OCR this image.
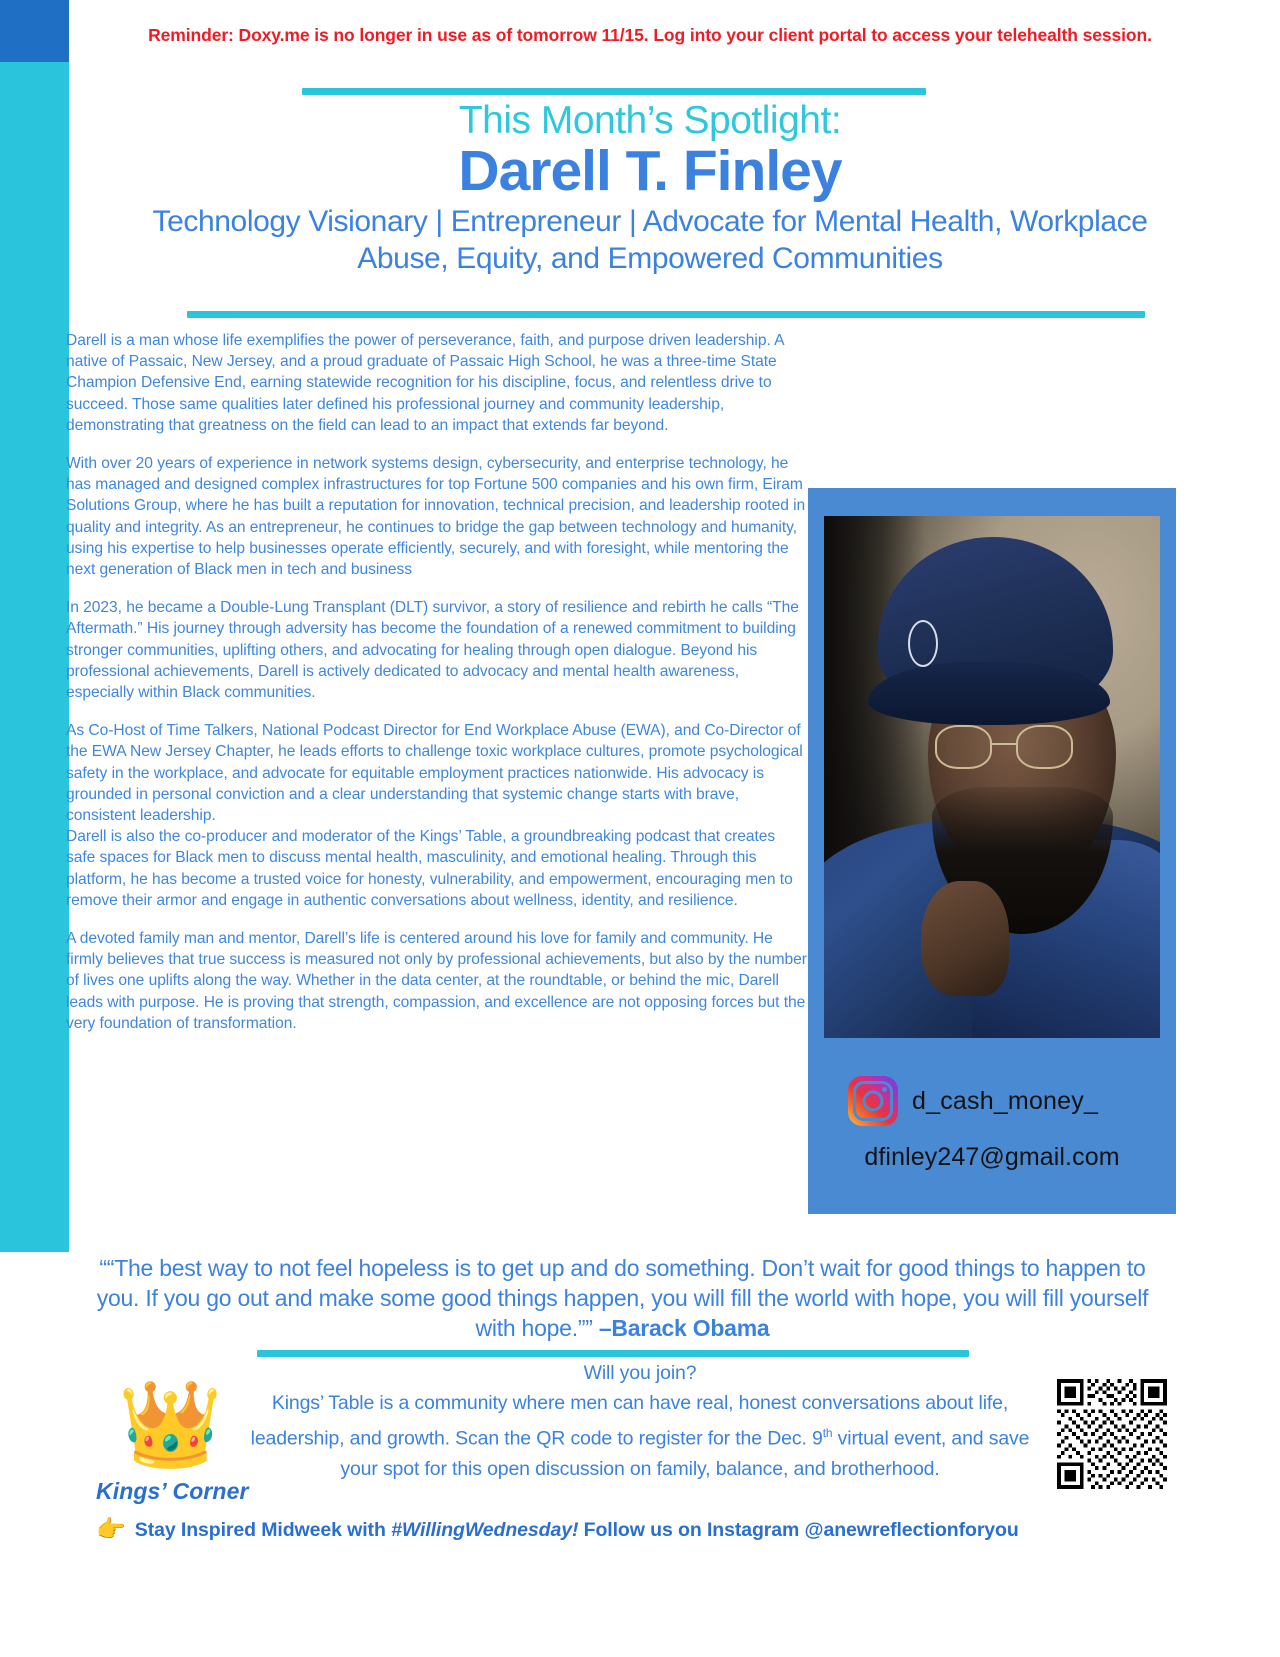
Reminder: Doxy.me is no longer in use as of tomorrow 11/15. Log into your client portal to access your telehealth session.
This Month’s Spotlight:
Darell T. Finley
Technology Visionary | Entrepreneur | Advocate for Mental Health, Workplace
Abuse, Equity, and Empowered Communities

Darell is a man whose life exemplifies the power of perseverance, faith, and purpose driven leadership. A native of Passaic, New Jersey, and a proud graduate of Passaic High School, he was a three-time State Champion Defensive End, earning statewide recognition for his discipline, focus, and relentless drive to succeed. Those same qualities later defined his professional journey and community leadership, demonstrating that greatness on the field can lead to an impact that extends far beyond.

With over 20 years of experience in network systems design, cybersecurity, and enterprise technology, he has managed and designed complex infrastructures for top Fortune 500 companies and his own firm, Eiram Solutions Group, where he has built a reputation for innovation, technical precision, and leadership rooted in quality and integrity. As an entrepreneur, he continues to bridge the gap between technology and humanity, using his expertise to help businesses operate efficiently, securely, and with foresight, while mentoring the next generation of Black men in tech and business

In 2023, he became a Double-Lung Transplant (DLT) survivor, a story of resilience and rebirth he calls “The Aftermath.” His journey through adversity has become the foundation of a renewed commitment to building stronger communities, uplifting others, and advocating for healing through open dialogue. Beyond his professional achievements, Darell is actively dedicated to advocacy and mental health awareness, especially within Black communities.

As Co-Host of Time Talkers, National Podcast Director for End Workplace Abuse (EWA), and Co-Director of the EWA New Jersey Chapter, he leads efforts to challenge toxic workplace cultures, promote psychological safety in the workplace, and advocate for equitable employment practices nationwide. His advocacy is grounded in personal conviction and a clear understanding that systemic change starts with brave, consistent leadership.

Darell is also the co-producer and moderator of the Kings’ Table, a groundbreaking podcast that creates safe spaces for Black men to discuss mental health, masculinity, and emotional healing. Through this platform, he has become a trusted voice for honesty, vulnerability, and empowerment, encouraging men to remove their armor and engage in authentic conversations about wellness, identity, and resilience.

A devoted family man and mentor, Darell’s life is centered around his love for family and community. He firmly believes that true success is measured not only by professional achievements, but also by the number of lives one uplifts along the way. Whether in the data center, at the roundtable, or behind the mic, Darell leads with purpose. He is proving that strength, compassion, and excellence are not opposing forces but the very foundation of transformation.

d_cash_money_
dfinley247@gmail.com
““The best way to not feel hopeless is to get up and do something. Don’t wait for good things to happen to you. If you go out and make some good things happen, you will fill the world with hope, you will fill yourself with hope.”” –Barack Obama
👑
Kings’ Corner
Will you join?
Kings’ Table is a community where men can have real, honest conversations about life, leadership, and growth. Scan the QR code to register for the Dec. 9th virtual event, and save your spot for this open discussion on family, balance, and brotherhood.
👉 Stay Inspired Midweek with #WillingWednesday! Follow us on Instagram @anewreflectionforyou
